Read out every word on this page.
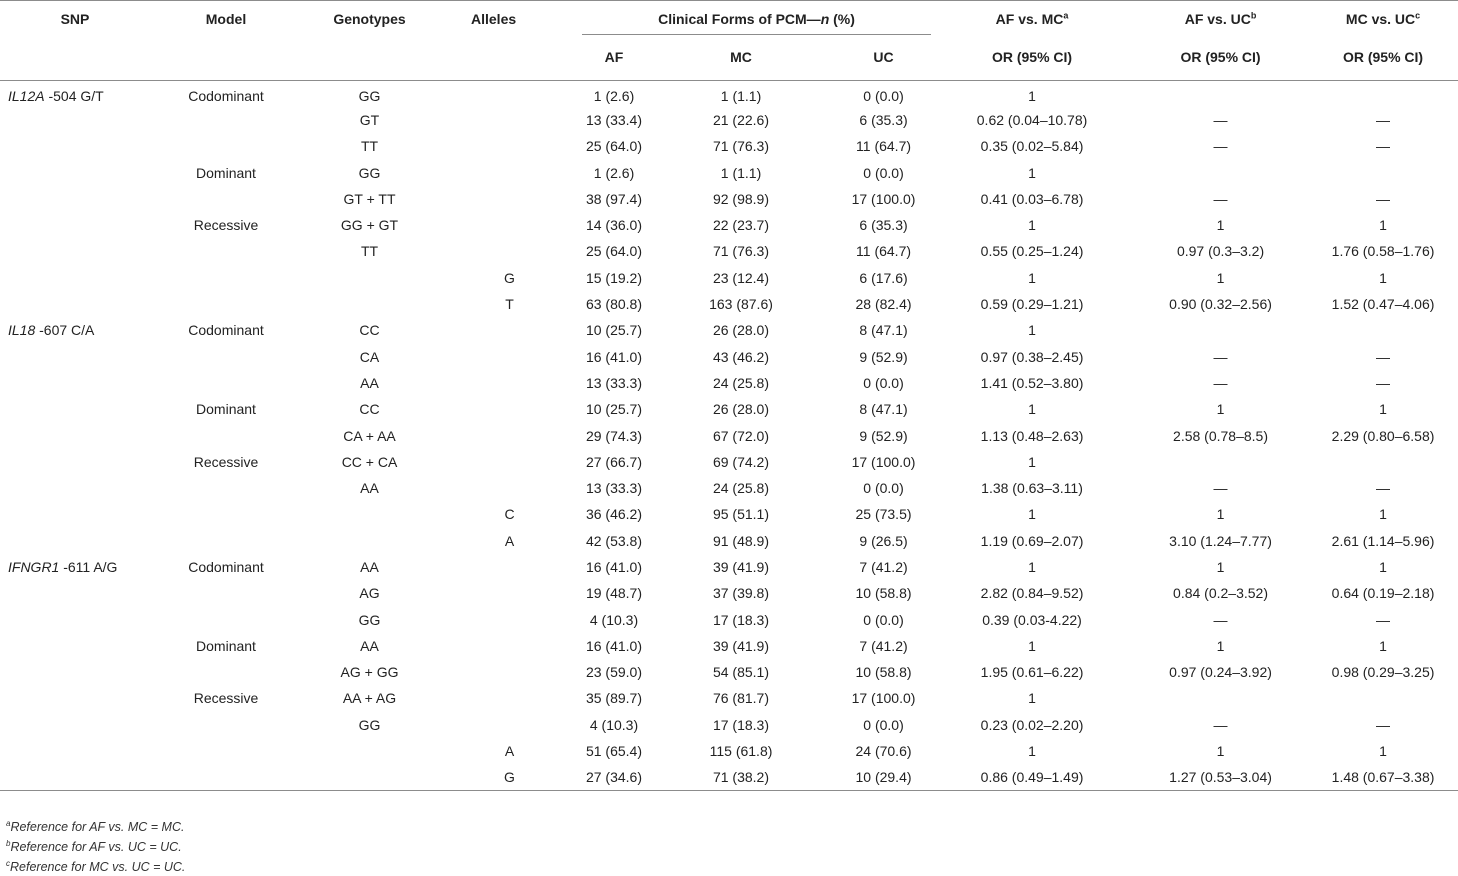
SNP	Model	Genotypes	Alleles	Clinical Forms of PCM—n (%)			AF vs. $MC^a$	AF vs. $UC^b$	MC vs. $UC^c$
				AF	MC	UC	OR (95% CI)	OR (95% CI)	OR (95% CI)
IL12A -504 G/T	Codominant	GG		1 (2.6)	1 (1.1)	0 (0.0)	1		
		GT		13 (33.4)	21 (22.6)	6 (35.3)	0.62 (0.04–10.78)	—	—
		TT		25 (64.0)	71 (76.3)	11 (64.7)	0.35 (0.02–5.84)	—	—
	Dominant	GG		1 (2.6)	1 (1.1)	0 (0.0)	1		
		GT + TT		38 (97.4)	92 (98.9)	17 (100.0)	0.41 (0.03–6.78)	—	—
	Recessive	GG + GT		14 (36.0)	22 (23.7)	6 (35.3)	1	1	1
		TT		25 (64.0)	71 (76.3)	11 (64.7)	0.55 (0.25–1.24)	0.97 (0.3–3.2)	1.76 (0.58–1.76)
			G	15 (19.2)	23 (12.4)	6 (17.6)	1	1	1
			T	63 (80.8)	163 (87.6)	28 (82.4)	0.59 (0.29–1.21)	0.90 (0.32–2.56)	1.52 (0.47–4.06)
IL18 -607 C/A	Codominant	CC		10 (25.7)	26 (28.0)	8 (47.1)	1		
		CA		16 (41.0)	43 (46.2)	9 (52.9)	0.97 (0.38–2.45)	—	—
		AA		13 (33.3)	24 (25.8)	0 (0.0)	1.41 (0.52–3.80)	—	—
	Dominant	CC		10 (25.7)	26 (28.0)	8 (47.1)	1	1	1
		CA + AA		29 (74.3)	67 (72.0)	9 (52.9)	1.13 (0.48–2.63)	2.58 (0.78–8.5)	2.29 (0.80–6.58)
	Recessive	CC + CA		27 (66.7)	69 (74.2)	17 (100.0)	1		
		AA		13 (33.3)	24 (25.8)	0 (0.0)	1.38 (0.63–3.11)	—	—
			C	36 (46.2)	95 (51.1)	25 (73.5)	1	1	1
			A	42 (53.8)	91 (48.9)	9 (26.5)	1.19 (0.69–2.07)	3.10 (1.24–7.77)	2.61 (1.14–5.96)
IFNGR1 -611 A/G	Codominant	AA		16 (41.0)	39 (41.9)	7 (41.2)	1	1	1
		AG		19 (48.7)	37 (39.8)	10 (58.8)	2.82 (0.84–9.52)	0.84 (0.2–3.52)	0.64 (0.19–2.18)
		GG		4 (10.3)	17 (18.3)	0 (0.0)	0.39 (0.03-4.22)	—	—
	Dominant	AA		16 (41.0)	39 (41.9)	7 (41.2)	1	1	1
		AG + GG		23 (59.0)	54 (85.1)	10 (58.8)	1.95 (0.61–6.22)	0.97 (0.24–3.92)	0.98 (0.29–3.25)
	Recessive	AA + AG		35 (89.7)	76 (81.7)	17 (100.0)	1		
		GG		4 (10.3)	17 (18.3)	0 (0.0)	0.23 (0.02–2.20)	—	—
			A	51 (65.4)	115 (61.8)	24 (70.6)	1	1	1
			G	27 (34.6)	71 (38.2)	10 (29.4)	0.86 (0.49–1.49)	1.27 (0.53–3.04)	1.48 (0.67–3.38)
$^a$Reference for AF vs. MC = MC.
$^b$Reference for AF vs. UC = UC.
$^c$Reference for MC vs. UC = UC.
